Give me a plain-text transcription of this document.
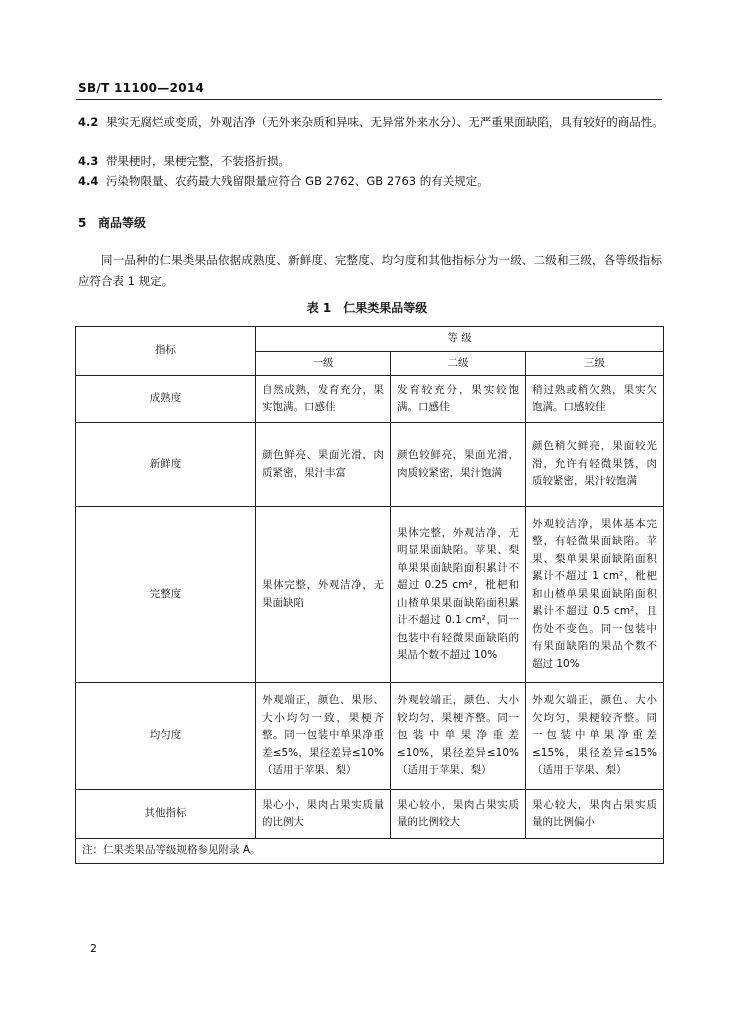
SB/T 11100—2014
4.2 果实无腐烂或变质，外观洁净（无外来杂质和异味、无异常外来水分）、无严重果面缺陷，具有较好的商品性。
4.3 带果梗时，果梗完整，不装搭折损。
4.4 污染物限量、农药最大残留限量应符合 GB 2762、GB 2763 的有关规定。
5 商品等级
同一品种的仁果类果品依据成熟度、新鲜度、完整度、均匀度和其他指标分为一级、二级和三级，各等级指标应符合表 1 规定。
表 1 仁果类果品等级
指标	等 级		
	一级	二级	三级
成熟度	自然成熟，发育充分，果实饱满。口感佳	发育较充分，果实较饱满。口感佳	稍过熟或稍欠熟，果实欠饱满。口感较佳
新鲜度	颜色鲜亮、果面光滑，肉质紧密，果汁丰富	颜色较鲜亮，果面光滑，肉质较紧密，果汁饱满	颜色稍欠鲜亮，果面较光滑，允许有轻微果锈，肉质较紧密，果汁较饱满
完整度	果体完整，外观洁净，无果面缺陷	果体完整，外观洁净，无明显果面缺陷。苹果、梨单果果面缺陷面积累计不超过 0.25 cm²，枇杷和山楂单果果面缺陷面积累计不超过 0.1 cm²，同一包装中有轻微果面缺陷的果品个数不超过 10%	外观较洁净，果体基本完整，有轻微果面缺陷。苹果、梨单果果面缺陷面积累计不超过 1 cm²，枇杷和山楂单果果面缺陷面积累计不超过 0.5 cm²，且伤处不变色。同一包装中有果面缺陷的果品个数不超过 10%
均匀度	外观端正，颜色、果形、大小均匀一致，果梗齐整。同一包装中单果净重差≤5%，果径差异≤10%（适用于苹果、梨）	外观较端正，颜色、大小较均匀，果梗齐整。同一包装中单果净重差≤10%，果径差异≤10%（适用于苹果、梨）	外观欠端正，颜色、大小欠均匀，果梗较齐整。同一包装中单果净重差≤15%，果径差异≤15%（适用于苹果、梨）
其他指标	果心小，果肉占果实质量的比例大	果心较小，果肉占果实质量的比例较大	果心较大，果肉占果实质量的比例偏小
注：仁果类果品等级规格参见附录 A。			
2
